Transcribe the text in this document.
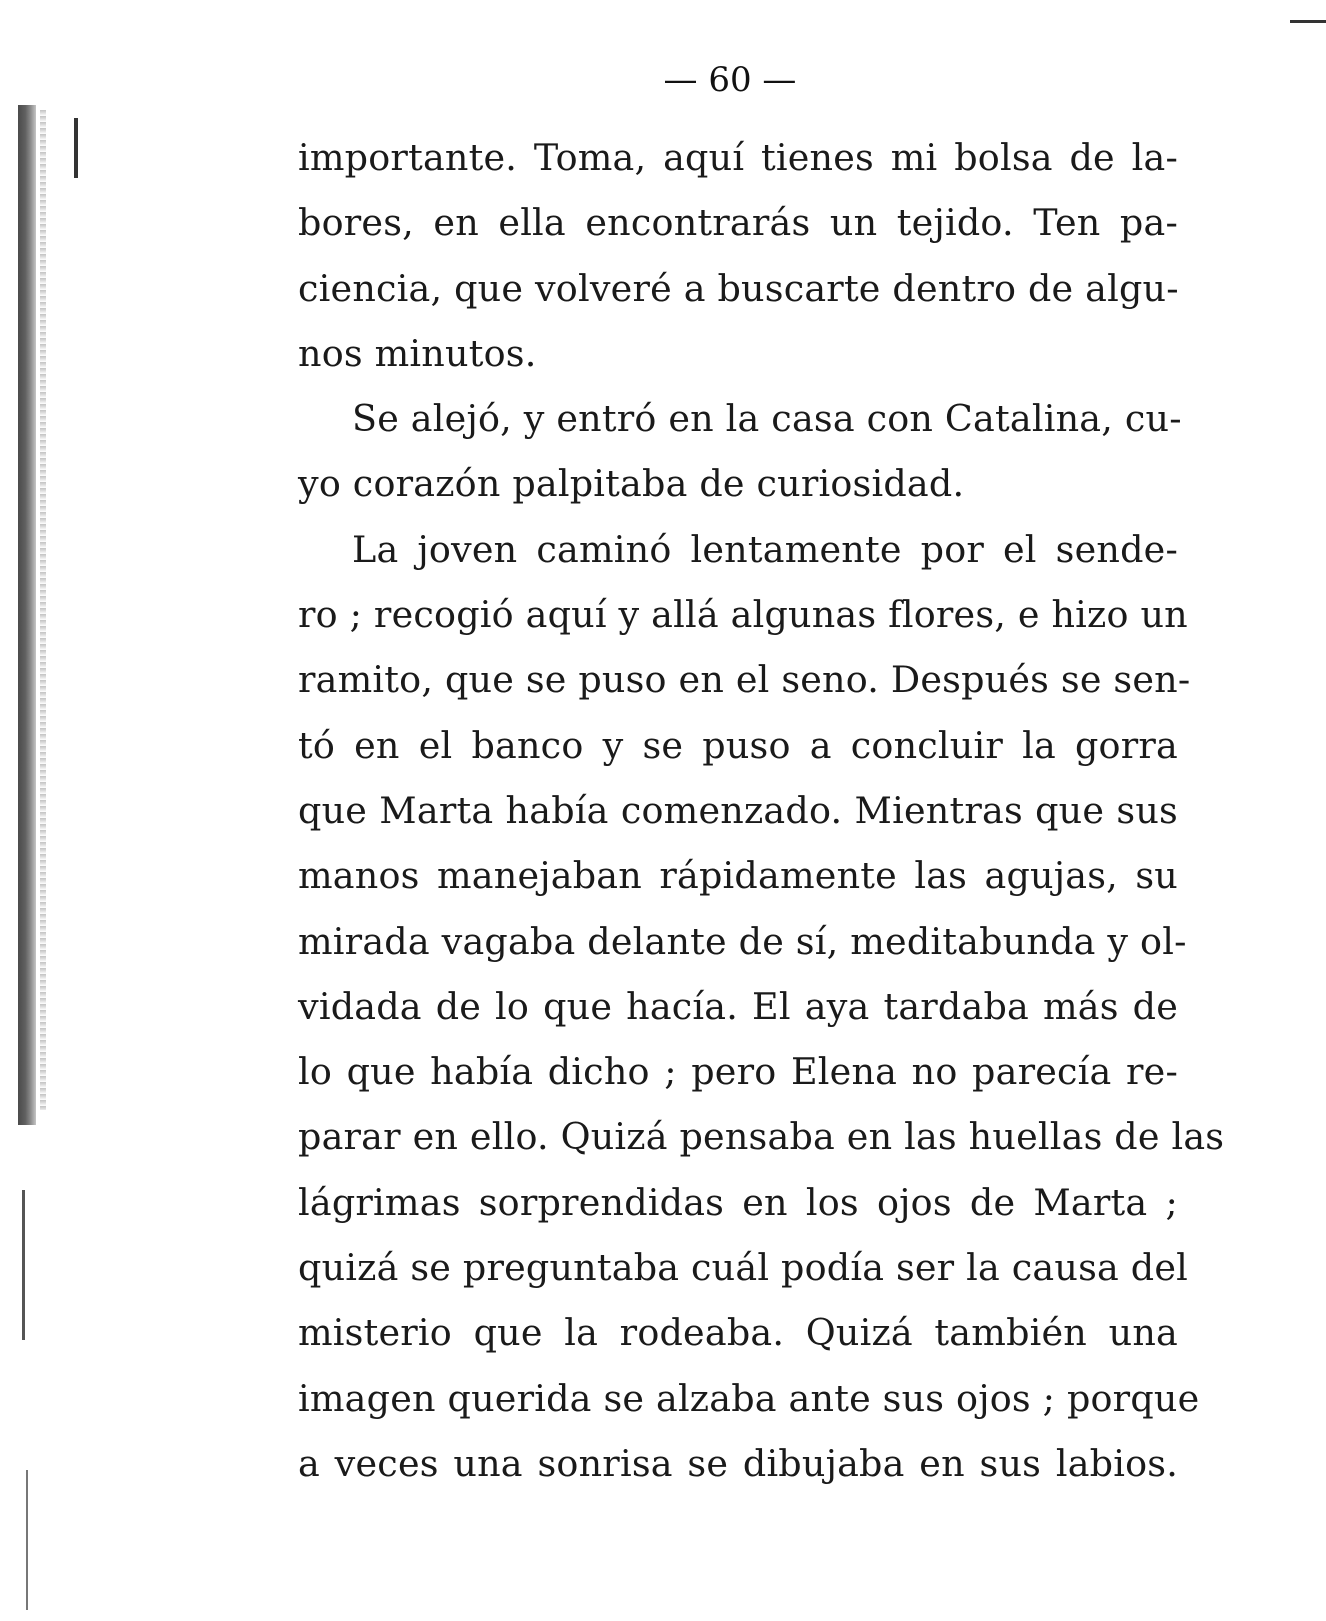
— 60 —
importante. Toma, aquí tienes mi bolsa de la-
bores, en ella encontrarás un tejido. Ten pa-
ciencia, que volveré a buscarte dentro de algu-
nos minutos.
Se alejó, y entró en la casa con Catalina, cu-
yo corazón palpitaba de curiosidad.
La joven caminó lentamente por el sende-
ro ; recogió aquí y allá algunas flores, e hizo un
ramito, que se puso en el seno. Después se sen-
tó en el banco y se puso a concluir la gorra
que Marta había comenzado. Mientras que sus
manos manejaban rápidamente las agujas, su
mirada vagaba delante de sí, meditabunda y ol-
vidada de lo que hacía. El aya tardaba más de
lo que había dicho ; pero Elena no parecía re-
parar en ello. Quizá pensaba en las huellas de las
lágrimas sorprendidas en los ojos de Marta ;
quizá se preguntaba cuál podía ser la causa del
misterio que la rodeaba. Quizá también una
imagen querida se alzaba ante sus ojos ; porque
a veces una sonrisa se dibujaba en sus labios.
